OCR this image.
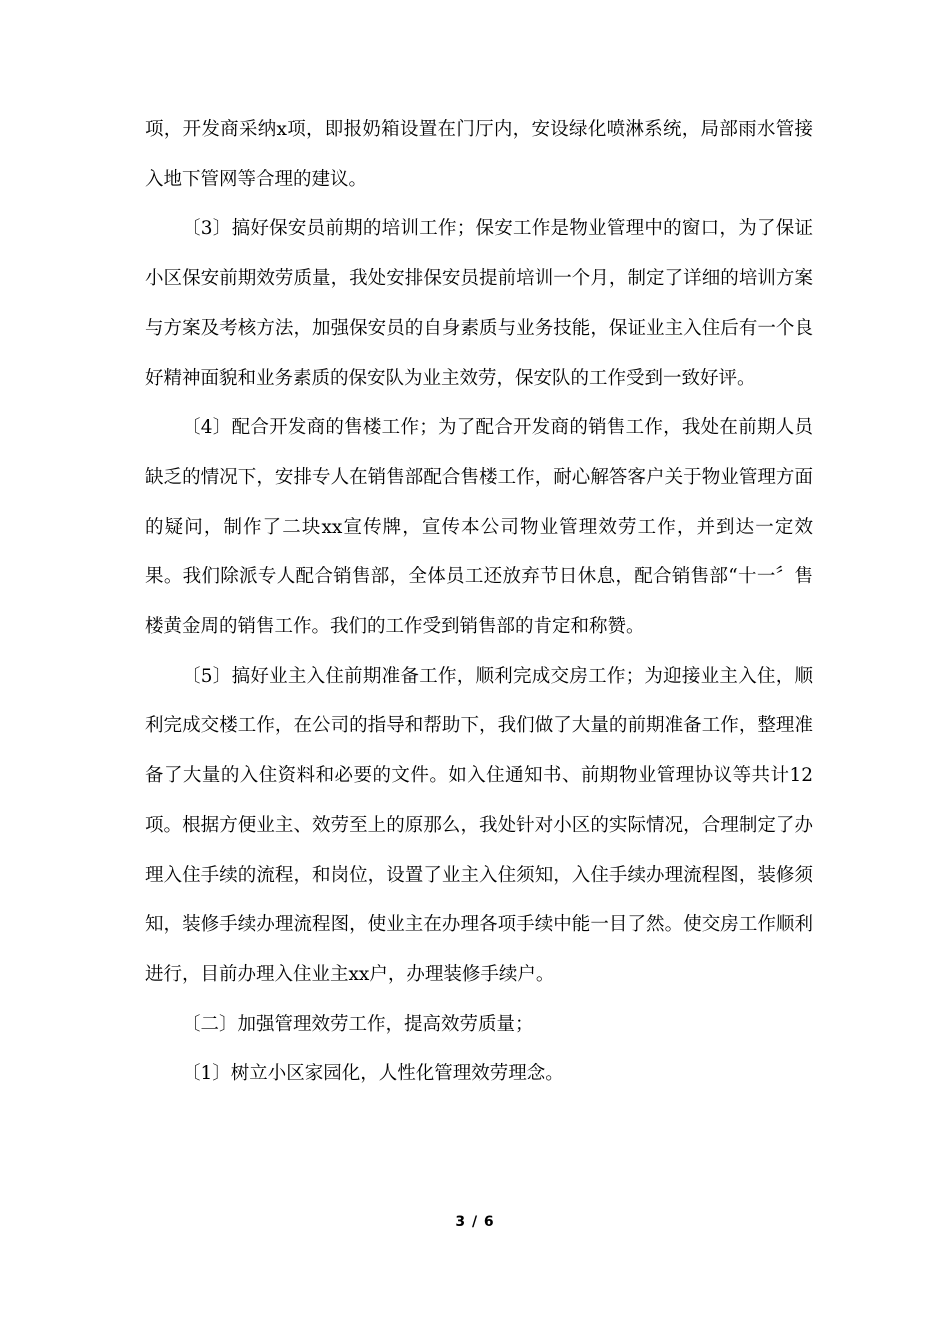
项，开发商采纳x项，即报奶箱设置在门厅内，安设绿化喷淋系统，局部雨水管接入地下管网等合理的建议。

〔3〕搞好保安员前期的培训工作；保安工作是物业管理中的窗口，为了保证小区保安前期效劳质量，我处安排保安员提前培训一个月，制定了详细的培训方案与方案及考核方法，加强保安员的自身素质与业务技能，保证业主入住后有一个良好精神面貌和业务素质的保安队为业主效劳，保安队的工作受到一致好评。

〔4〕配合开发商的售楼工作；为了配合开发商的销售工作，我处在前期人员缺乏的情况下，安排专人在销售部配合售楼工作，耐心解答客户关于物业管理方面的疑问，制作了二块xx宣传牌，宣传本公司物业管理效劳工作，并到达一定效果。我们除派专人配合销售部，全体员工还放弃节日休息，配合销售部“十一〞售楼黄金周的销售工作。我们的工作受到销售部的肯定和称赞。

〔5〕搞好业主入住前期准备工作，顺利完成交房工作；为迎接业主入住，顺利完成交楼工作，在公司的指导和帮助下，我们做了大量的前期准备工作，整理准备了大量的入住资料和必要的文件。如入住通知书、前期物业管理协议等共计12项。根据方便业主、效劳至上的原那么，我处针对小区的实际情况，合理制定了办理入住手续的流程，和岗位，设置了业主入住须知，入住手续办理流程图，装修须知，装修手续办理流程图，使业主在办理各项手续中能一目了然。使交房工作顺利进行，目前办理入住业主xx户，办理装修手续户。

〔二〕加强管理效劳工作，提高效劳质量；

〔1〕树立小区家园化，人性化管理效劳理念。

3 / 6
